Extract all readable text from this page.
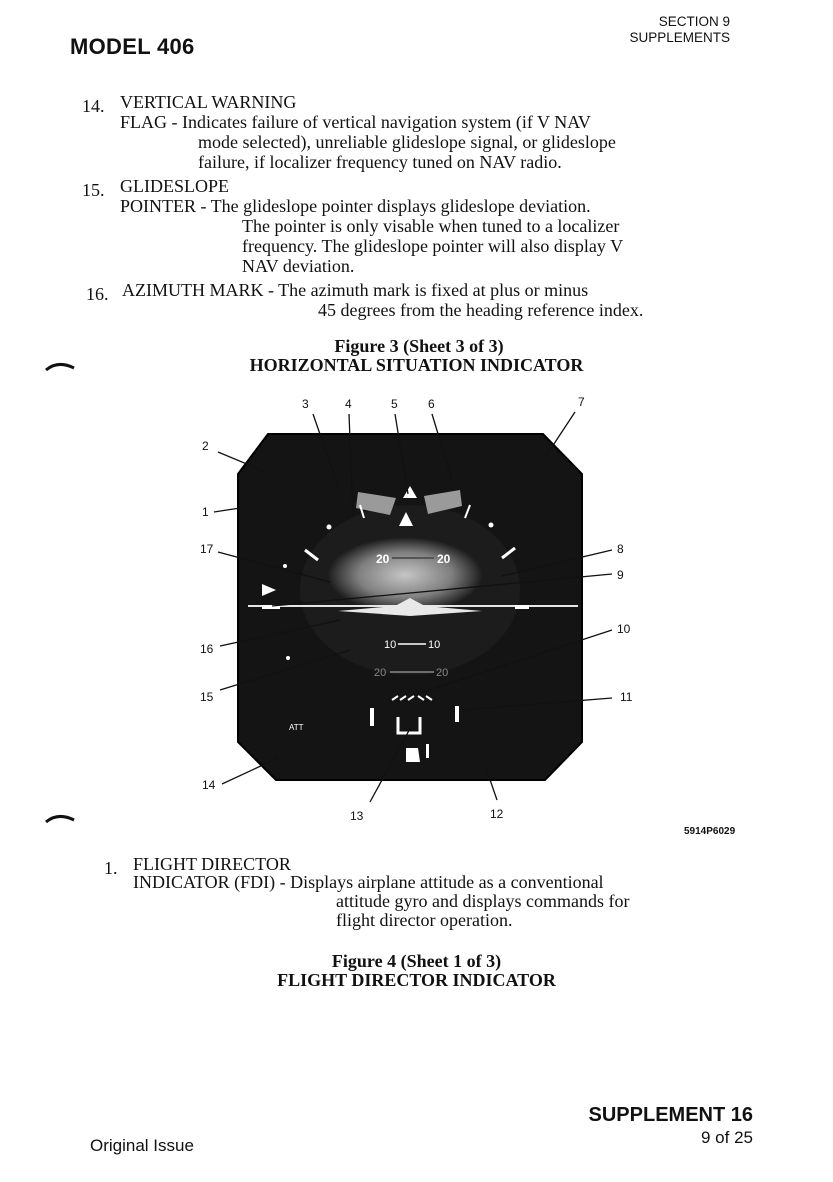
MODEL 406
SECTION 9
SUPPLEMENTS
14. VERTICAL WARNING
FLAG - Indicates failure of vertical navigation system (if V NAV
mode selected), unreliable glideslope signal, or glideslope
failure, if localizer frequency tuned on NAV radio.
15. GLIDESLOPE
POINTER - The glideslope pointer displays glideslope deviation.
The pointer is only visable when tuned to a localizer
frequency. The glideslope pointer will also display V
NAV deviation.
16. AZIMUTH MARK - The azimuth mark is fixed at plus or minus
45 degrees from the heading reference index.
Figure 3 (Sheet 3 of 3)
HORIZONTAL SITUATION INDICATOR
20	20
10	10
20	20
ATT
1
2
3	4	5	6	7
8
9
10
11
12
13
14
15
16
17
5914P6029
1. FLIGHT DIRECTOR
INDICATOR (FDI) - Displays airplane attitude as a conventional
attitude gyro and displays commands for
flight director operation.
Figure 4 (Sheet 1 of 3)
FLIGHT DIRECTOR INDICATOR
SUPPLEMENT 16
9 of 25
Original Issue
